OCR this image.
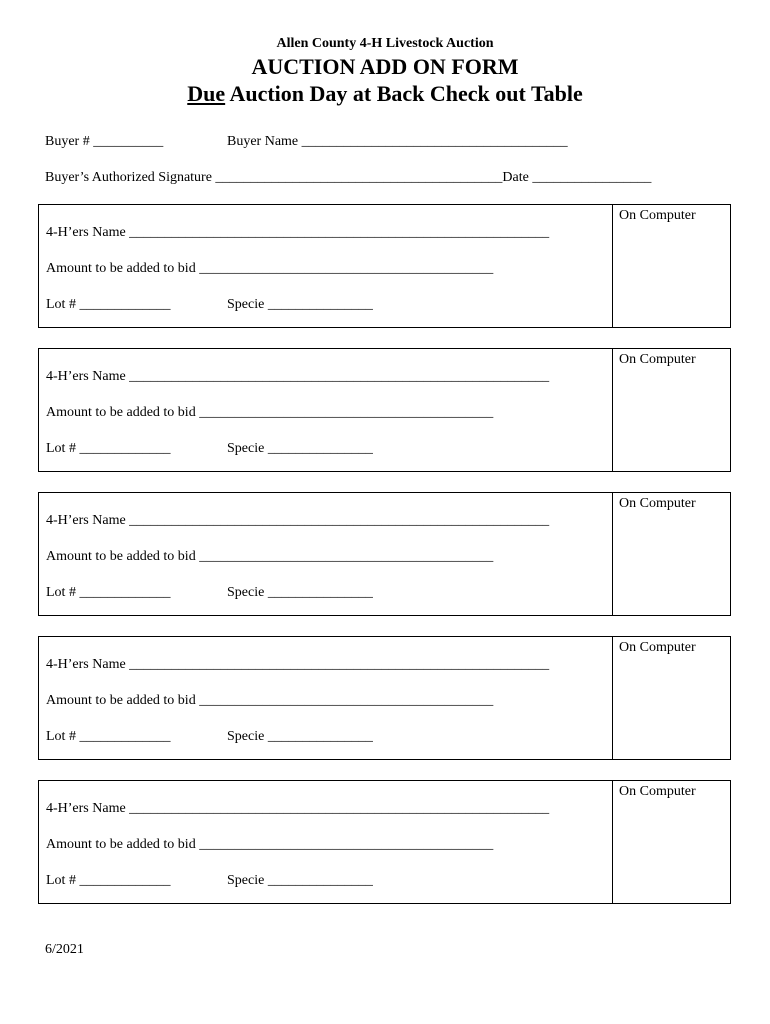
Allen County 4-H Livestock Auction
AUCTION ADD ON FORM
Due Auction Day at Back Check out Table
Buyer # __________	Buyer Name ______________________________________
Buyer’s Authorized Signature _________________________________________Date _________________
On Computer
4-H’ers Name ____________________________________________________________
Amount to be added to bid __________________________________________
Lot # _____________	Specie _______________
On Computer
4-H’ers Name ____________________________________________________________
Amount to be added to bid __________________________________________
Lot # _____________	Specie _______________
On Computer
4-H’ers Name ____________________________________________________________
Amount to be added to bid __________________________________________
Lot # _____________	Specie _______________
On Computer
4-H’ers Name ____________________________________________________________
Amount to be added to bid __________________________________________
Lot # _____________	Specie _______________
On Computer
4-H’ers Name ____________________________________________________________
Amount to be added to bid __________________________________________
Lot # _____________	Specie _______________
6/2021
